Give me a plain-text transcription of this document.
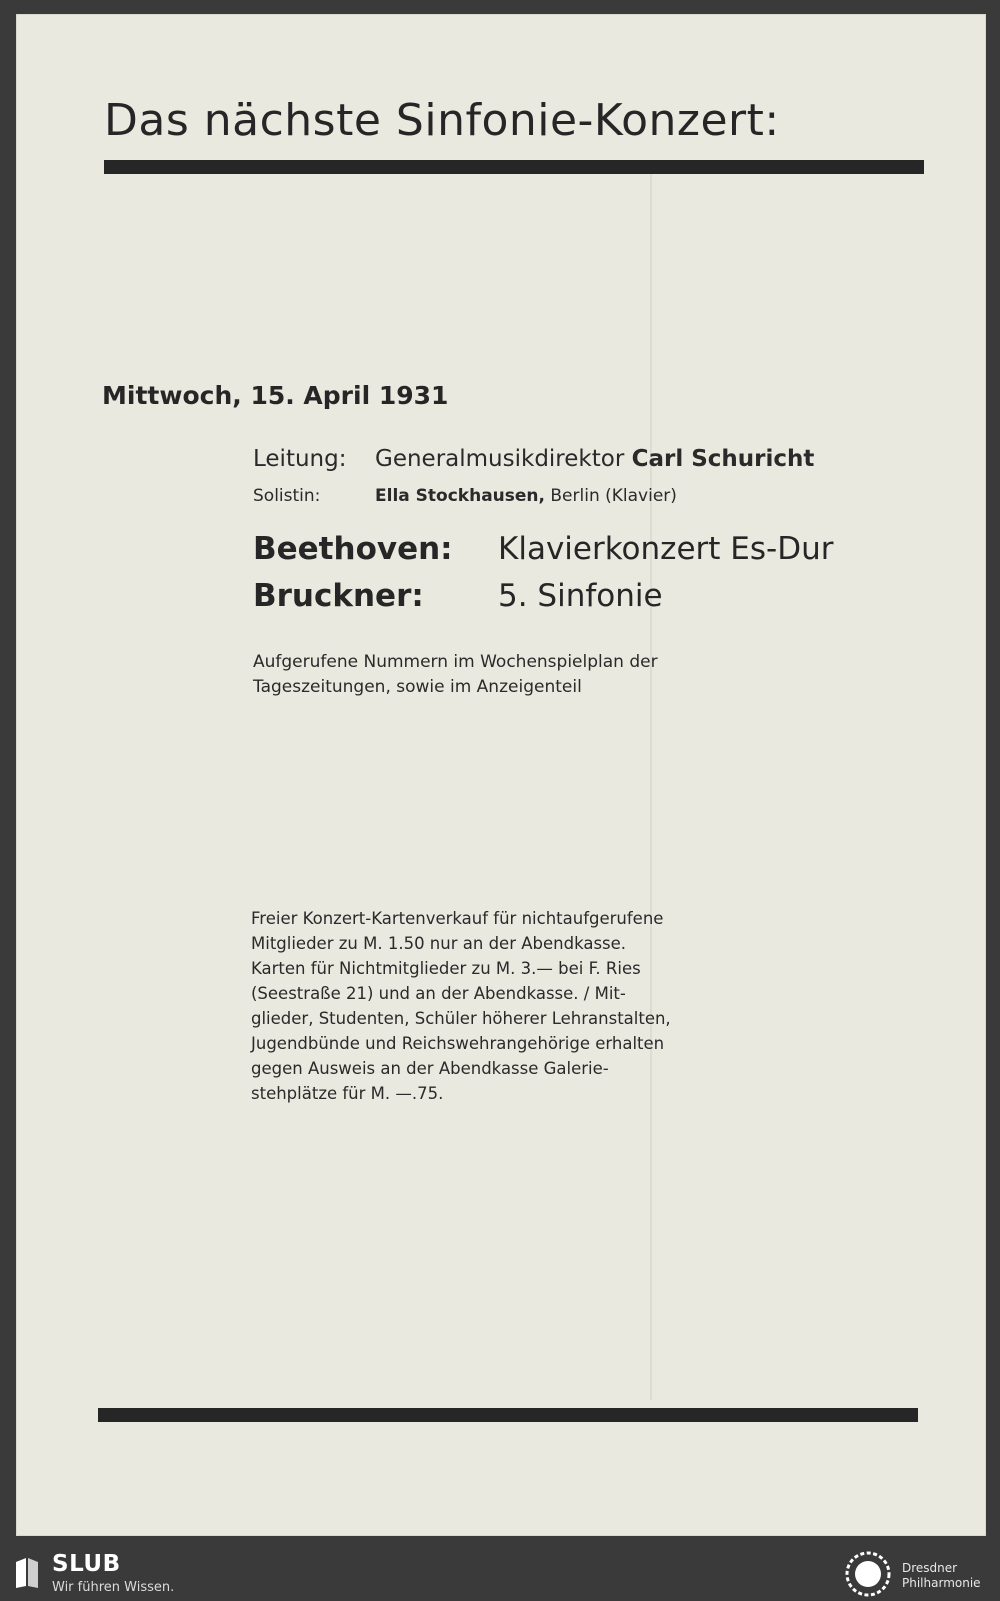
Das nächste Sinfonie-Konzert:
Mittwoch, 15. April 1931
Leitung: Generalmusikdirektor Carl Schuricht
Solistin:	Ella Stockhausen, Berlin (Klavier)
Beethoven: Klavierkonzert Es-Dur
Bruckner: 5. Sinfonie
Aufgerufene Nummern im Wochenspielplan der
Tageszeitungen, sowie im Anzeigenteil
Freier Konzert-Kartenverkauf für nichtaufgerufene
Mitglieder zu M. 1.50 nur an der Abendkasse.
Karten für Nichtmitglieder zu M. 3.— bei F. Ries
(Seestraße 21) und an der Abendkasse. / Mit-
glieder, Studenten, Schüler höherer Lehranstalten,
Jugendbünde und Reichswehrangehörige erhalten
gegen Ausweis an der Abendkasse Galerie-
stehplätze für M. —.75.
SLUB
Wir führen Wissen.
Dresdner
Philharmonie
